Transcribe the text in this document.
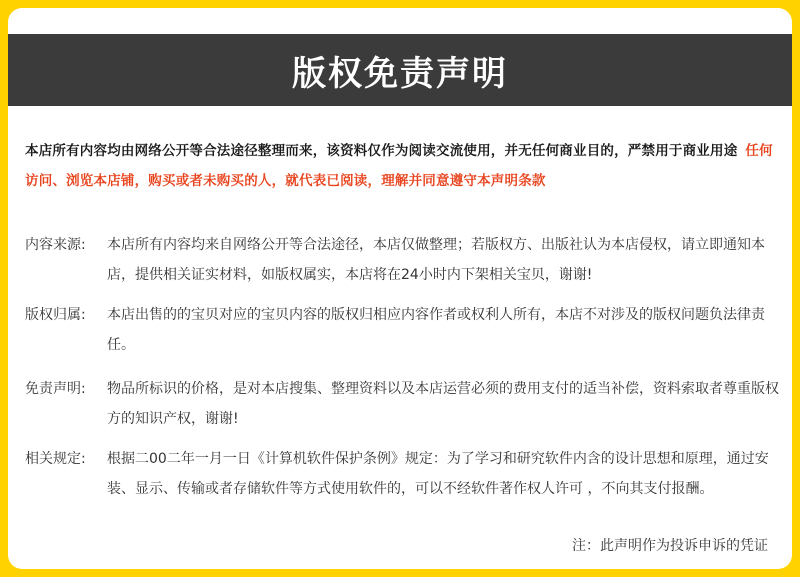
版权免责声明
本店所有内容均由网络公开等合法途径整理而来，该资料仅作为阅读交流使用，并无任何商业目的，严禁用于商业用途 任何访问、浏览本店铺，购买或者未购买的人，就代表已阅读，理解并同意遵守本声明条款
内容来源:	本店所有内容均来自网络公开等合法途径，本店仅做整理；若版权方、出版社认为本店侵权，请立即通知本店，提供相关证实材料，如版权属实，本店将在24小时内下架相关宝贝，谢谢!
版权归属:	本店出售的的宝贝对应的宝贝内容的版权归相应内容作者或权利人所有，本店不对涉及的版权问题负法律责任。
免责声明:	物品所标识的价格，是对本店搜集、整理资料以及本店运营必须的费用支付的适当补偿，资料索取者尊重版权方的知识产权，谢谢!
相关规定:	根据二00二年一月一日《计算机软件保护条例》规定：为了学习和研究软件内含的设计思想和原理，通过安装、显示、传输或者存储软件等方式使用软件的，可以不经软件著作权人许可 ，不向其支付报酬。
注：此声明作为投诉申诉的凭证
